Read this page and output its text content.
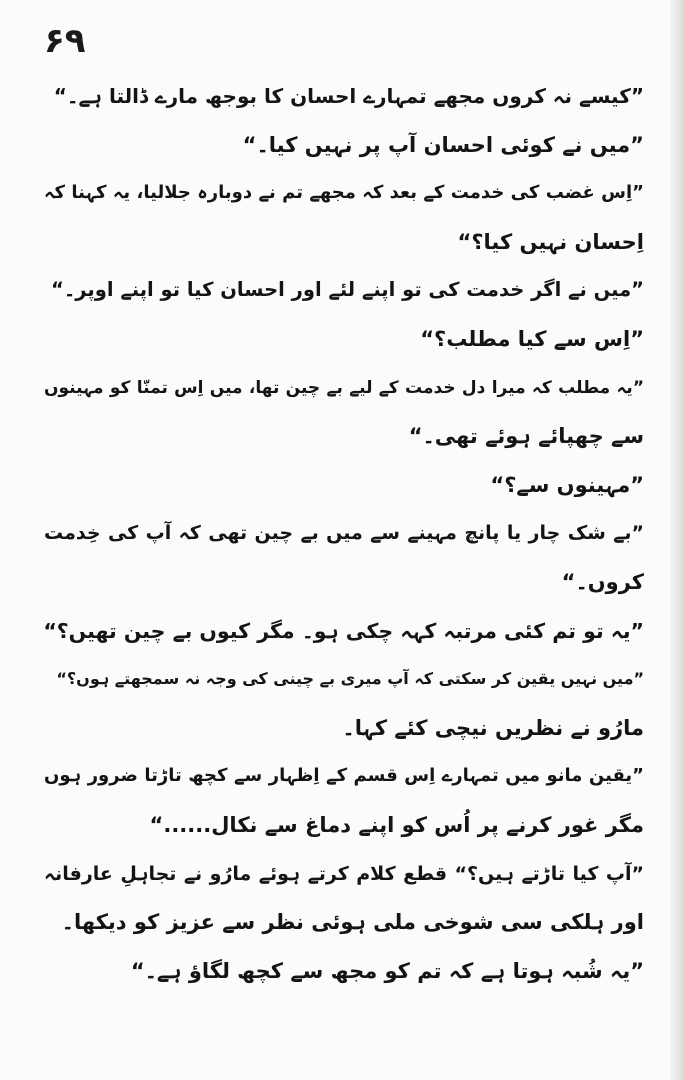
۶۹
”کیسے نہ کروں مجھے تمہارے احسان کا بوجھ مارے ڈالتا ہے۔“
”میں نے کوئی احسان آپ پر نہیں کیا۔“
”اِس غضب کی خدمت کے بعد کہ مجھے تم نے دوبارہ جلالیا، یہ کہنا کہ
اِحسان نہیں کیا؟“
”میں نے اگر خدمت کی تو اپنے لئے اور احسان کیا تو اپنے اوپر۔“
”اِس سے کیا مطلب؟“
”یہ مطلب کہ میرا دل خدمت کے لیے بے چین تھا، میں اِس تمنّا کو مہینوں
سے چھپائے ہوئے تھی۔“
”مہینوں سے؟“
”بے شک چار یا پانچ مہینے سے میں بے چین تھی کہ آپ کی خِدمت
کروں۔“
”یہ تو تم کئی مرتبہ کہہ چکی ہو۔ مگر کیوں بے چین تھیں؟“
”میں نہیں یقین کر سکتی کہ آپ میری بے چینی کی وجہ نہ سمجھتے ہوں؟“
مارُو نے نظریں نیچی کئے کہا۔
”یقین مانو میں تمہارے اِس قسم کے اِظہار سے کچھ تاڑتا ضرور ہوں
مگر غور کرنے پر اُس کو اپنے دماغ سے نکال......“
”آپ کیا تاڑتے ہیں؟“ قطع کلام کرتے ہوئے مارُو نے تجاہلِ عارفانہ
اور ہلکی سی شوخی ملی ہوئی نظر سے عزیز کو دیکھا۔
”یہ شُبہ ہوتا ہے کہ تم کو مجھ سے کچھ لگاؤ ہے۔“
